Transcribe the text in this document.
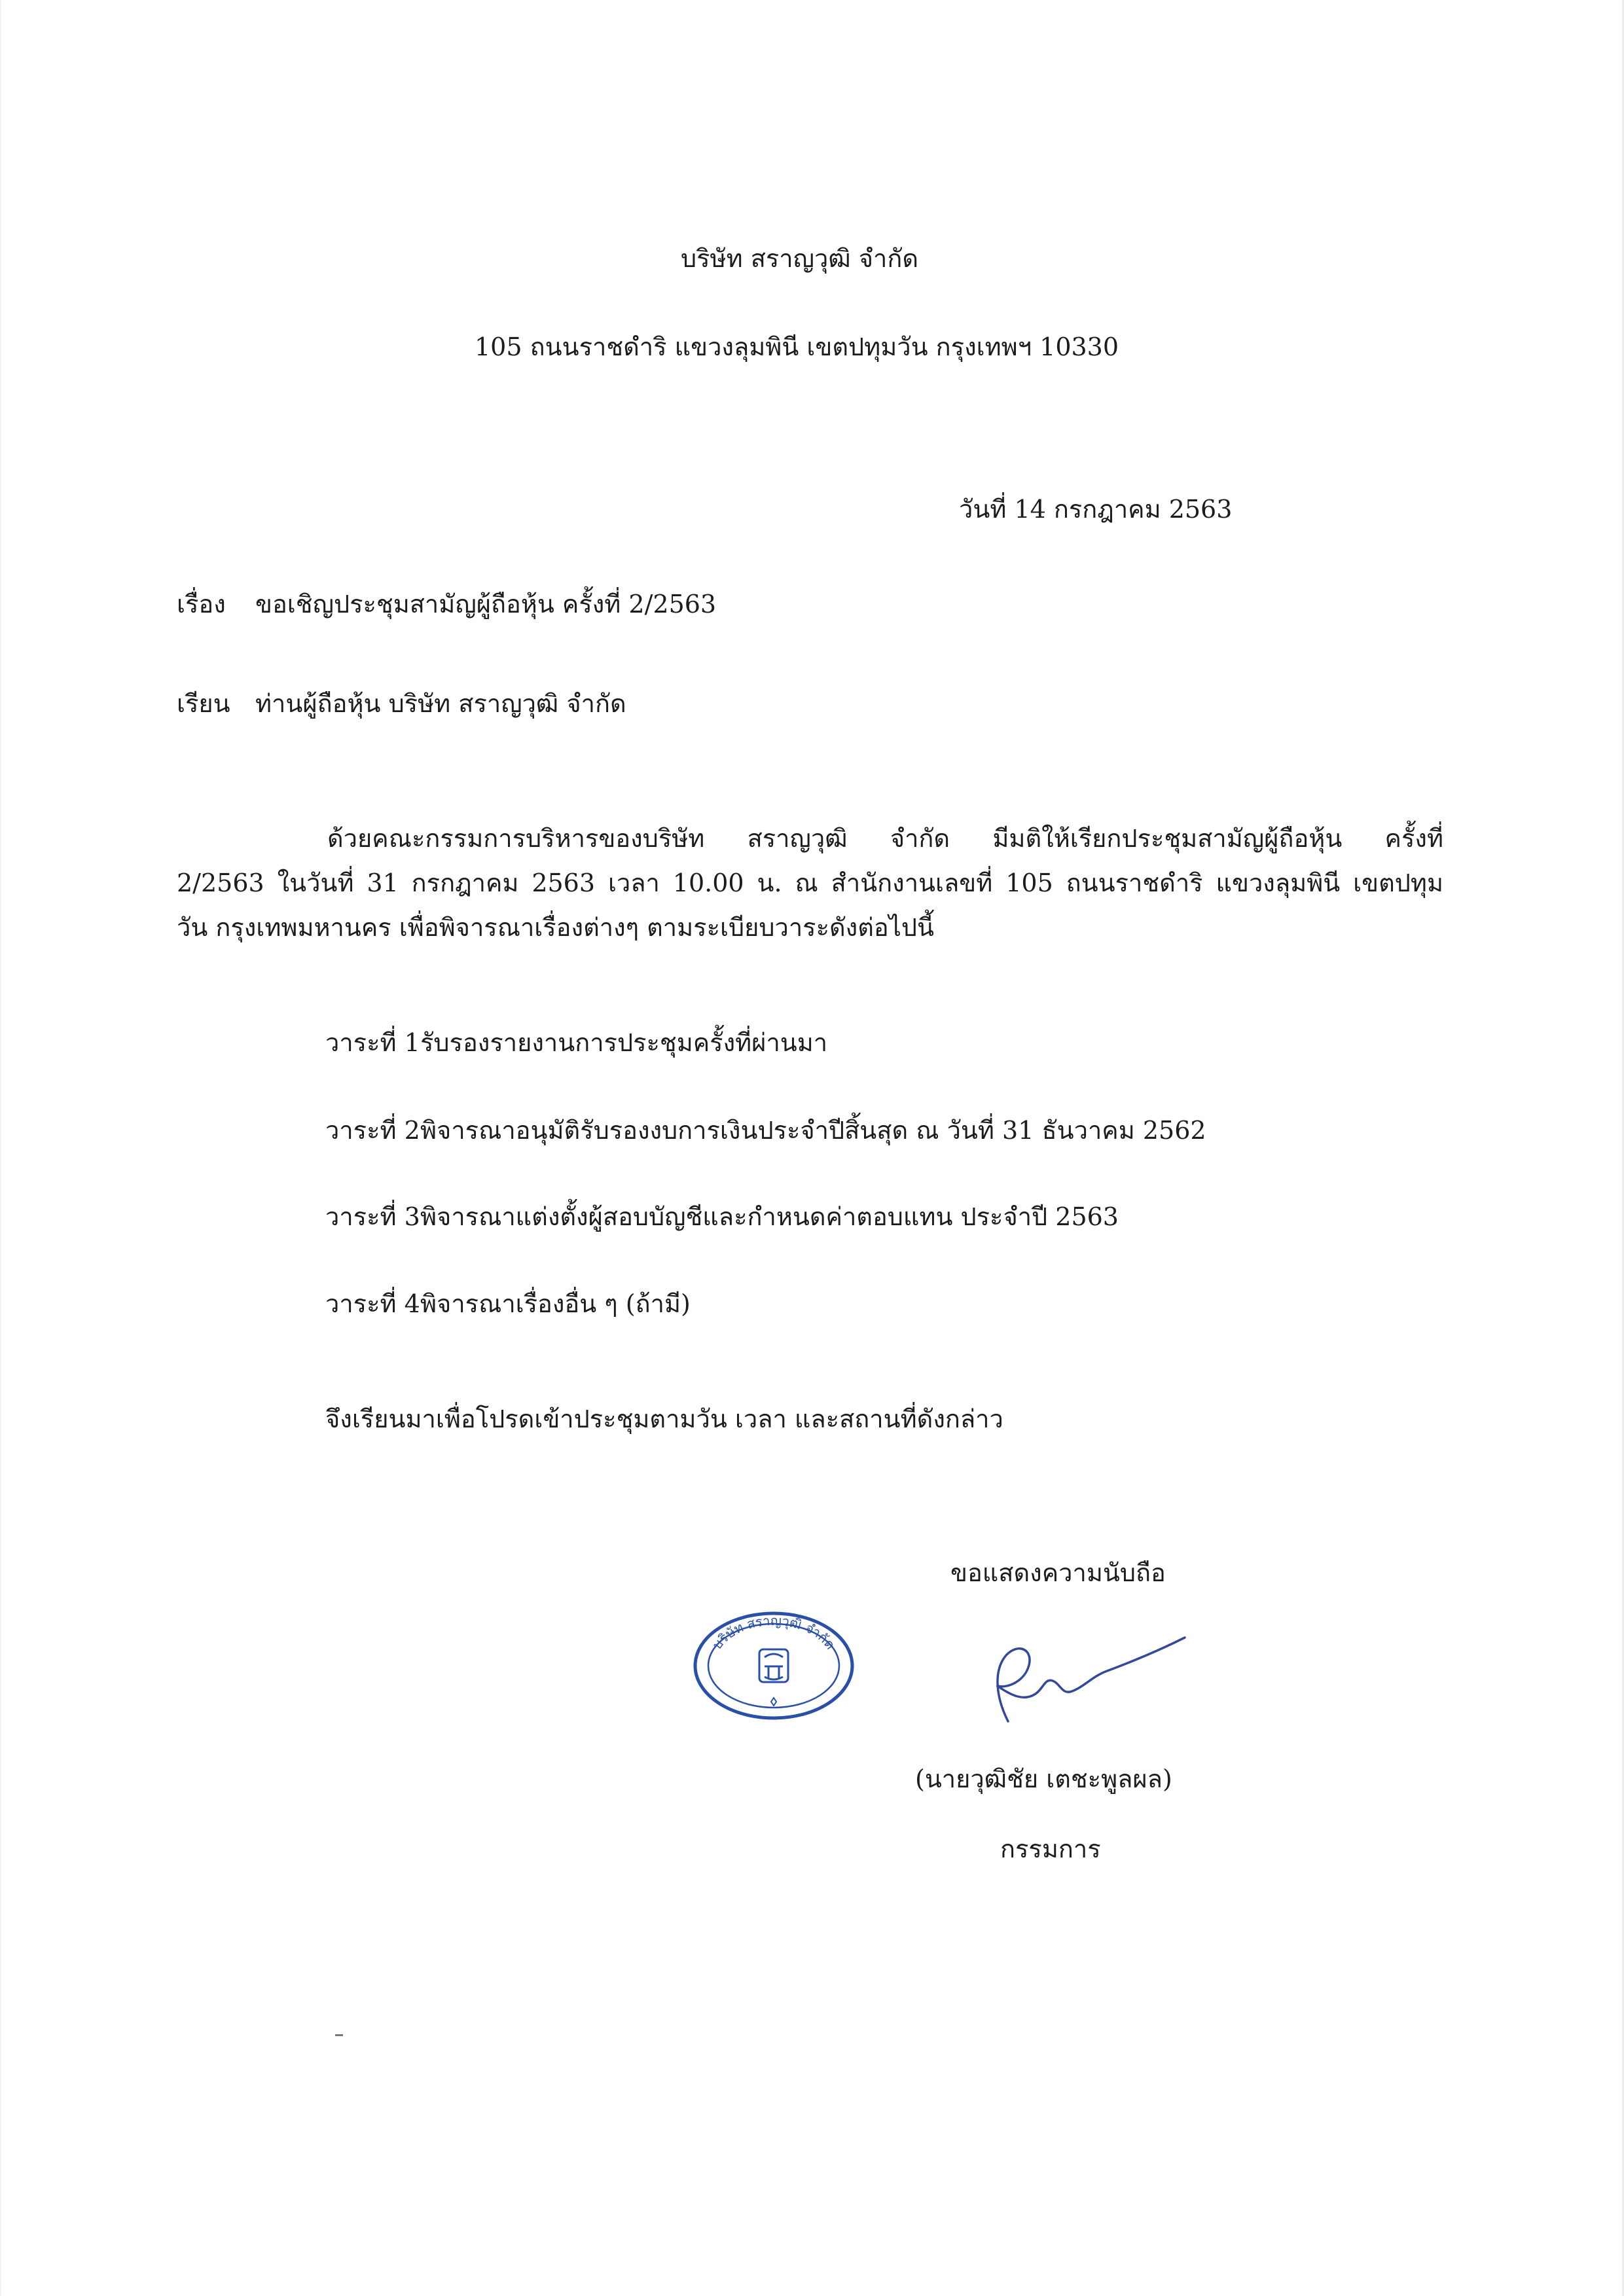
บริษัท สราญวุฒิ จำกัด
105 ถนนราชดำริ แขวงลุมพินี เขตปทุมวัน กรุงเทพฯ 10330
วันที่ 14 กรกฎาคม 2563
เรื่อง ขอเชิญประชุมสามัญผู้ถือหุ้น ครั้งที่ 2/2563
เรียน ท่านผู้ถือหุ้น บริษัท สราญวุฒิ จำกัด
ด้วยคณะกรรมการบริหารของบริษัท สราญวุฒิ จำกัด มีมติให้เรียกประชุมสามัญผู้ถือหุ้น ครั้งที่
2/2563 ในวันที่ 31 กรกฎาคม 2563 เวลา 10.00 น. ณ สำนักงานเลขที่ 105 ถนนราชดำริ แขวงลุมพินี เขตปทุม
วัน กรุงเทพมหานคร เพื่อพิจารณาเรื่องต่างๆ ตามระเบียบวาระดังต่อไปนี้
วาระที่ 1รับรองรายงานการประชุมครั้งที่ผ่านมา
วาระที่ 2พิจารณาอนุมัติรับรองงบการเงินประจำปีสิ้นสุด ณ วันที่ 31 ธันวาคม 2562
วาระที่ 3พิจารณาแต่งตั้งผู้สอบบัญชีและกำหนดค่าตอบแทน ประจำปี 2563
วาระที่ 4พิจารณาเรื่องอื่น ๆ (ถ้ามี)
จึงเรียนมาเพื่อโปรดเข้าประชุมตามวัน เวลา และสถานที่ดังกล่าว
ขอแสดงความนับถือ
บริษัท สราญวุฒิ จำกัด
(นายวุฒิชัย เตชะพูลผล)
กรรมการ
